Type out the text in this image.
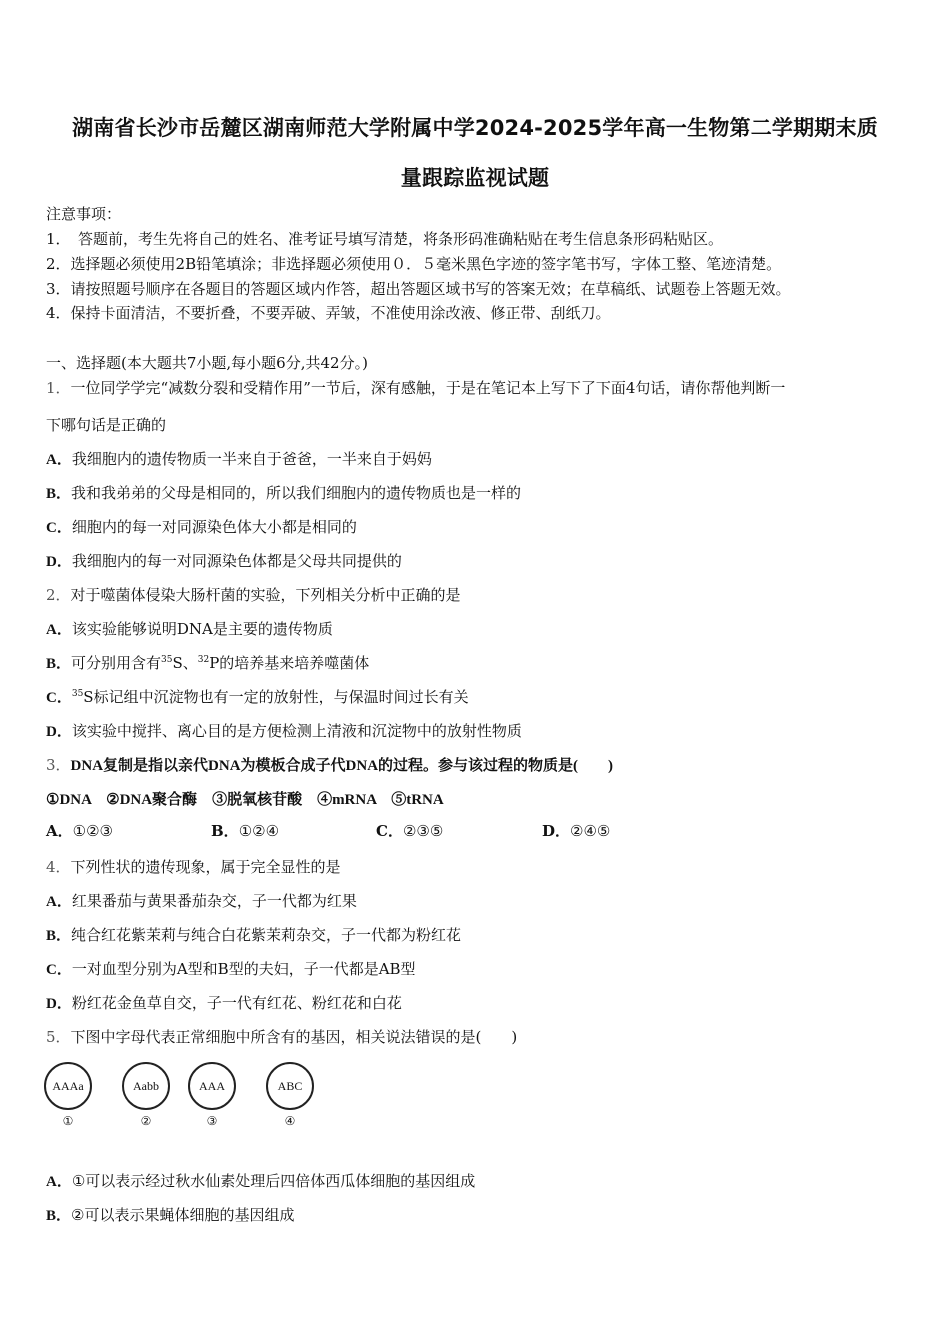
湖南省长沙市岳麓区湖南师范大学附属中学2024-2025学年高一生物第二学期期末质
量跟踪监视试题
注意事项：
1．　答题前，考生先将自己的姓名、准考证号填写清楚，将条形码准确粘贴在考生信息条形码粘贴区。
2．选择题必须使用2B铅笔填涂；非选择题必须使用０．５毫米黑色字迹的签字笔书写，字体工整、笔迹清楚。
3．请按照题号顺序在各题目的答题区域内作答，超出答题区域书写的答案无效；在草稿纸、试题卷上答题无效。
4．保持卡面清洁，不要折叠，不要弄破、弄皱，不准使用涂改液、修正带、刮纸刀。
一、选择题(本大题共7小题,每小题6分,共42分。)
1．一位同学学完“减数分裂和受精作用”一节后，深有感触，于是在笔记本上写下了下面4句话，请你帮他判断一
下哪句话是正确的
A．我细胞内的遗传物质一半来自于爸爸，一半来自于妈妈
B．我和我弟弟的父母是相同的，所以我们细胞内的遗传物质也是一样的
C．细胞内的每一对同源染色体大小都是相同的
D．我细胞内的每一对同源染色体都是父母共同提供的
2．对于噬菌体侵染大肠杆菌的实验，下列相关分析中正确的是
A．该实验能够说明DNA是主要的遗传物质
B．可分别用含有$^{35}$S、$^{32}$P的培养基来培养噬菌体
C．$^{35}$S标记组中沉淀物也有一定的放射性，与保温时间过长有关
D．该实验中搅拌、离心目的是方便检测上清液和沉淀物中的放射性物质
3．DNA复制是指以亲代DNA为模板合成子代DNA的过程。参与该过程的物质是(　　)
①DNA　②DNA聚合酶　③脱氧核苷酸　④mRNA　⑤tRNA
A．①②③	B．①②④	C．②③⑤	D．②④⑤
4．下列性状的遗传现象，属于完全显性的是
A．红果番茄与黄果番茄杂交，子一代都为红果
B．纯合红花紫茉莉与纯合白花紫茉莉杂交，子一代都为粉红花
C．一对血型分别为A型和B型的夫妇，子一代都是AB型
D．粉红花金鱼草自交，子一代有红花、粉红花和白花
5．下图中字母代表正常细胞中所含有的基因，相关说法错误的是(　　)
AAAa
①
Aabb
②
AAA
③
ABC
④
A．①可以表示经过秋水仙素处理后四倍体西瓜体细胞的基因组成
B．②可以表示果蝇体细胞的基因组成
